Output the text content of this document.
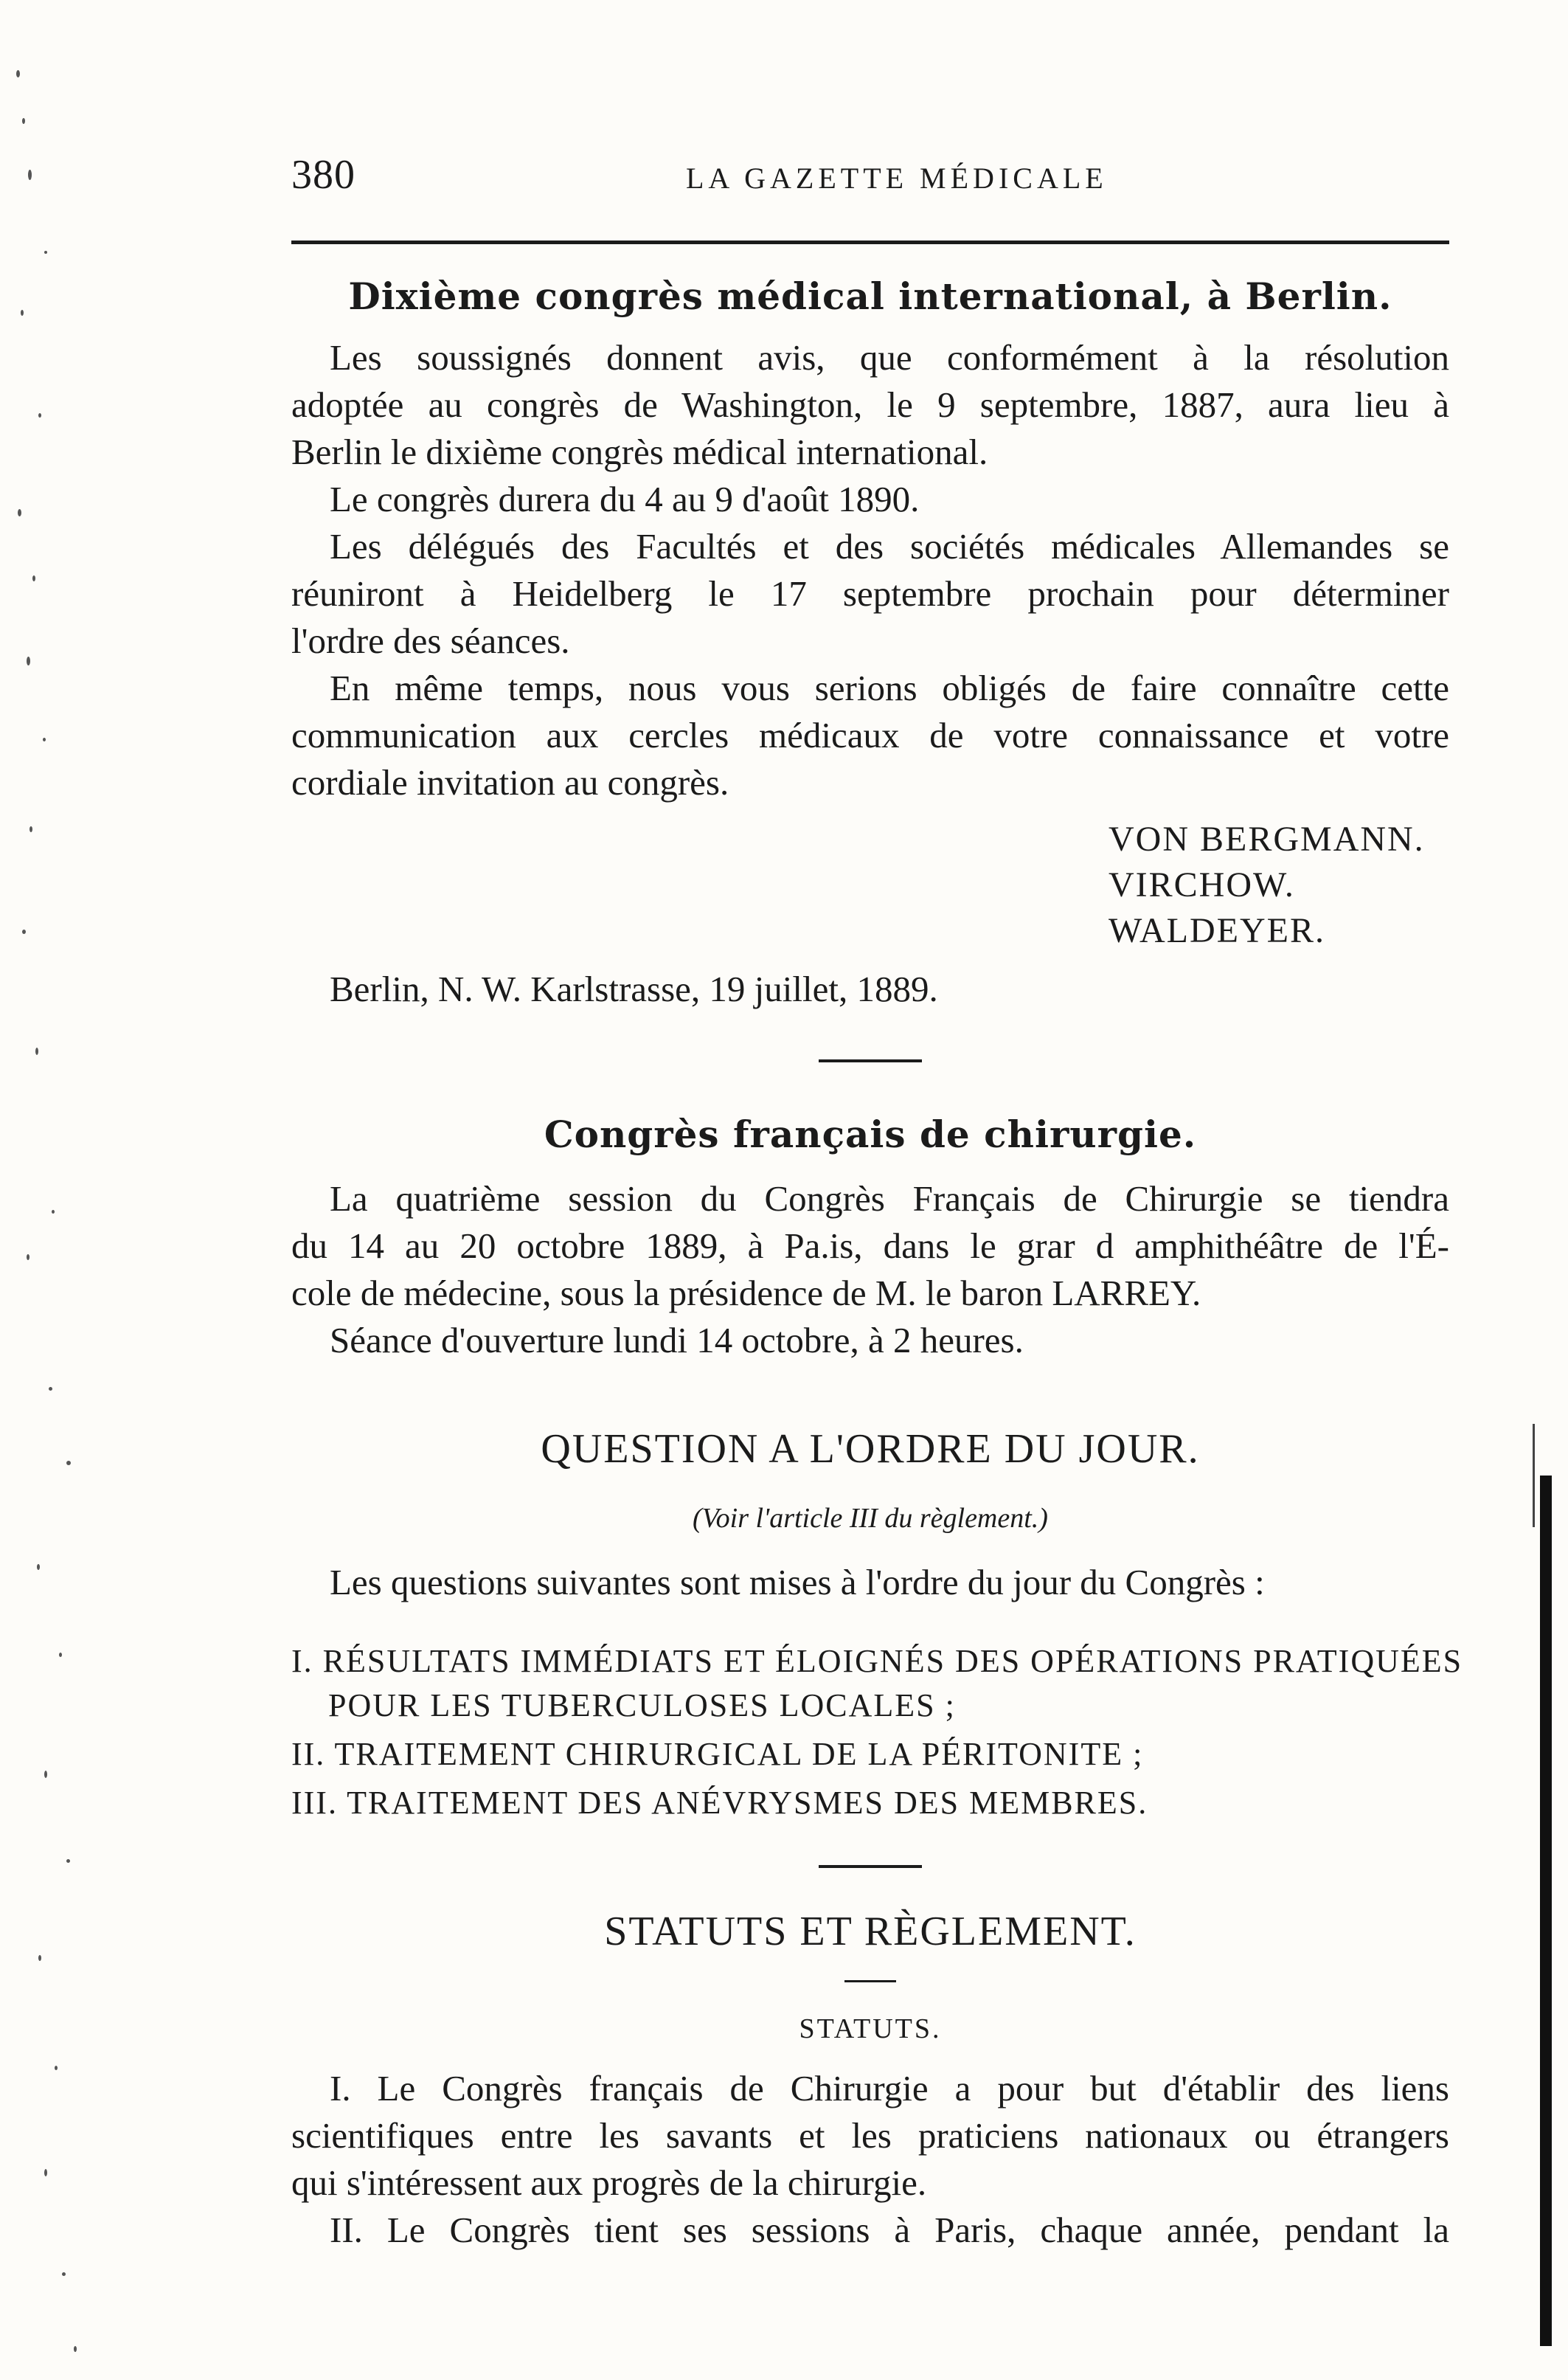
380	LA GAZETTE MÉDICALE
Dixième congrès médical international, à Berlin.
Les soussignés donnent avis, que conformément à la résolution
adoptée au congrès de Washington, le 9 septembre, 1887, aura lieu à
Berlin le dixième congrès médical international.
Le congrès durera du 4 au 9 d'août 1890.
Les délégués des Facultés et des sociétés médicales Allemandes se
réuniront à Heidelberg le 17 septembre prochain pour déterminer
l'ordre des séances.
En même temps, nous vous serions obligés de faire connaître cette
communication aux cercles médicaux de votre connaissance et votre
cordiale invitation au congrès.
VON BERGMANN.
VIRCHOW.
WALDEYER.
Berlin, N. W. Karlstrasse, 19 juillet, 1889.
Congrès français de chirurgie.
La quatrième session du Congrès Français de Chirurgie se tiendra
du 14 au 20 octobre 1889, à Pa.is, dans le grar d amphithéâtre de l'É-
cole de médecine, sous la présidence de M. le baron LARREY.
Séance d'ouverture lundi 14 octobre, à 2 heures.
QUESTION A L'ORDRE DU JOUR.
(Voir l'article III du règlement.)
Les questions suivantes sont mises à l'ordre du jour du Congrès :
I. RÉSULTATS IMMÉDIATS ET ÉLOIGNÉS DES OPÉRATIONS PRATIQUÉES
POUR LES TUBERCULOSES LOCALES ;
II. TRAITEMENT CHIRURGICAL DE LA PÉRITONITE ;
III. TRAITEMENT DES ANÉVRYSMES DES MEMBRES.
STATUTS ET RÈGLEMENT.
STATUTS.
I. Le Congrès français de Chirurgie a pour but d'établir des liens
scientifiques entre les savants et les praticiens nationaux ou étrangers
qui s'intéressent aux progrès de la chirurgie.
II. Le Congrès tient ses sessions à Paris, chaque année, pendant la
